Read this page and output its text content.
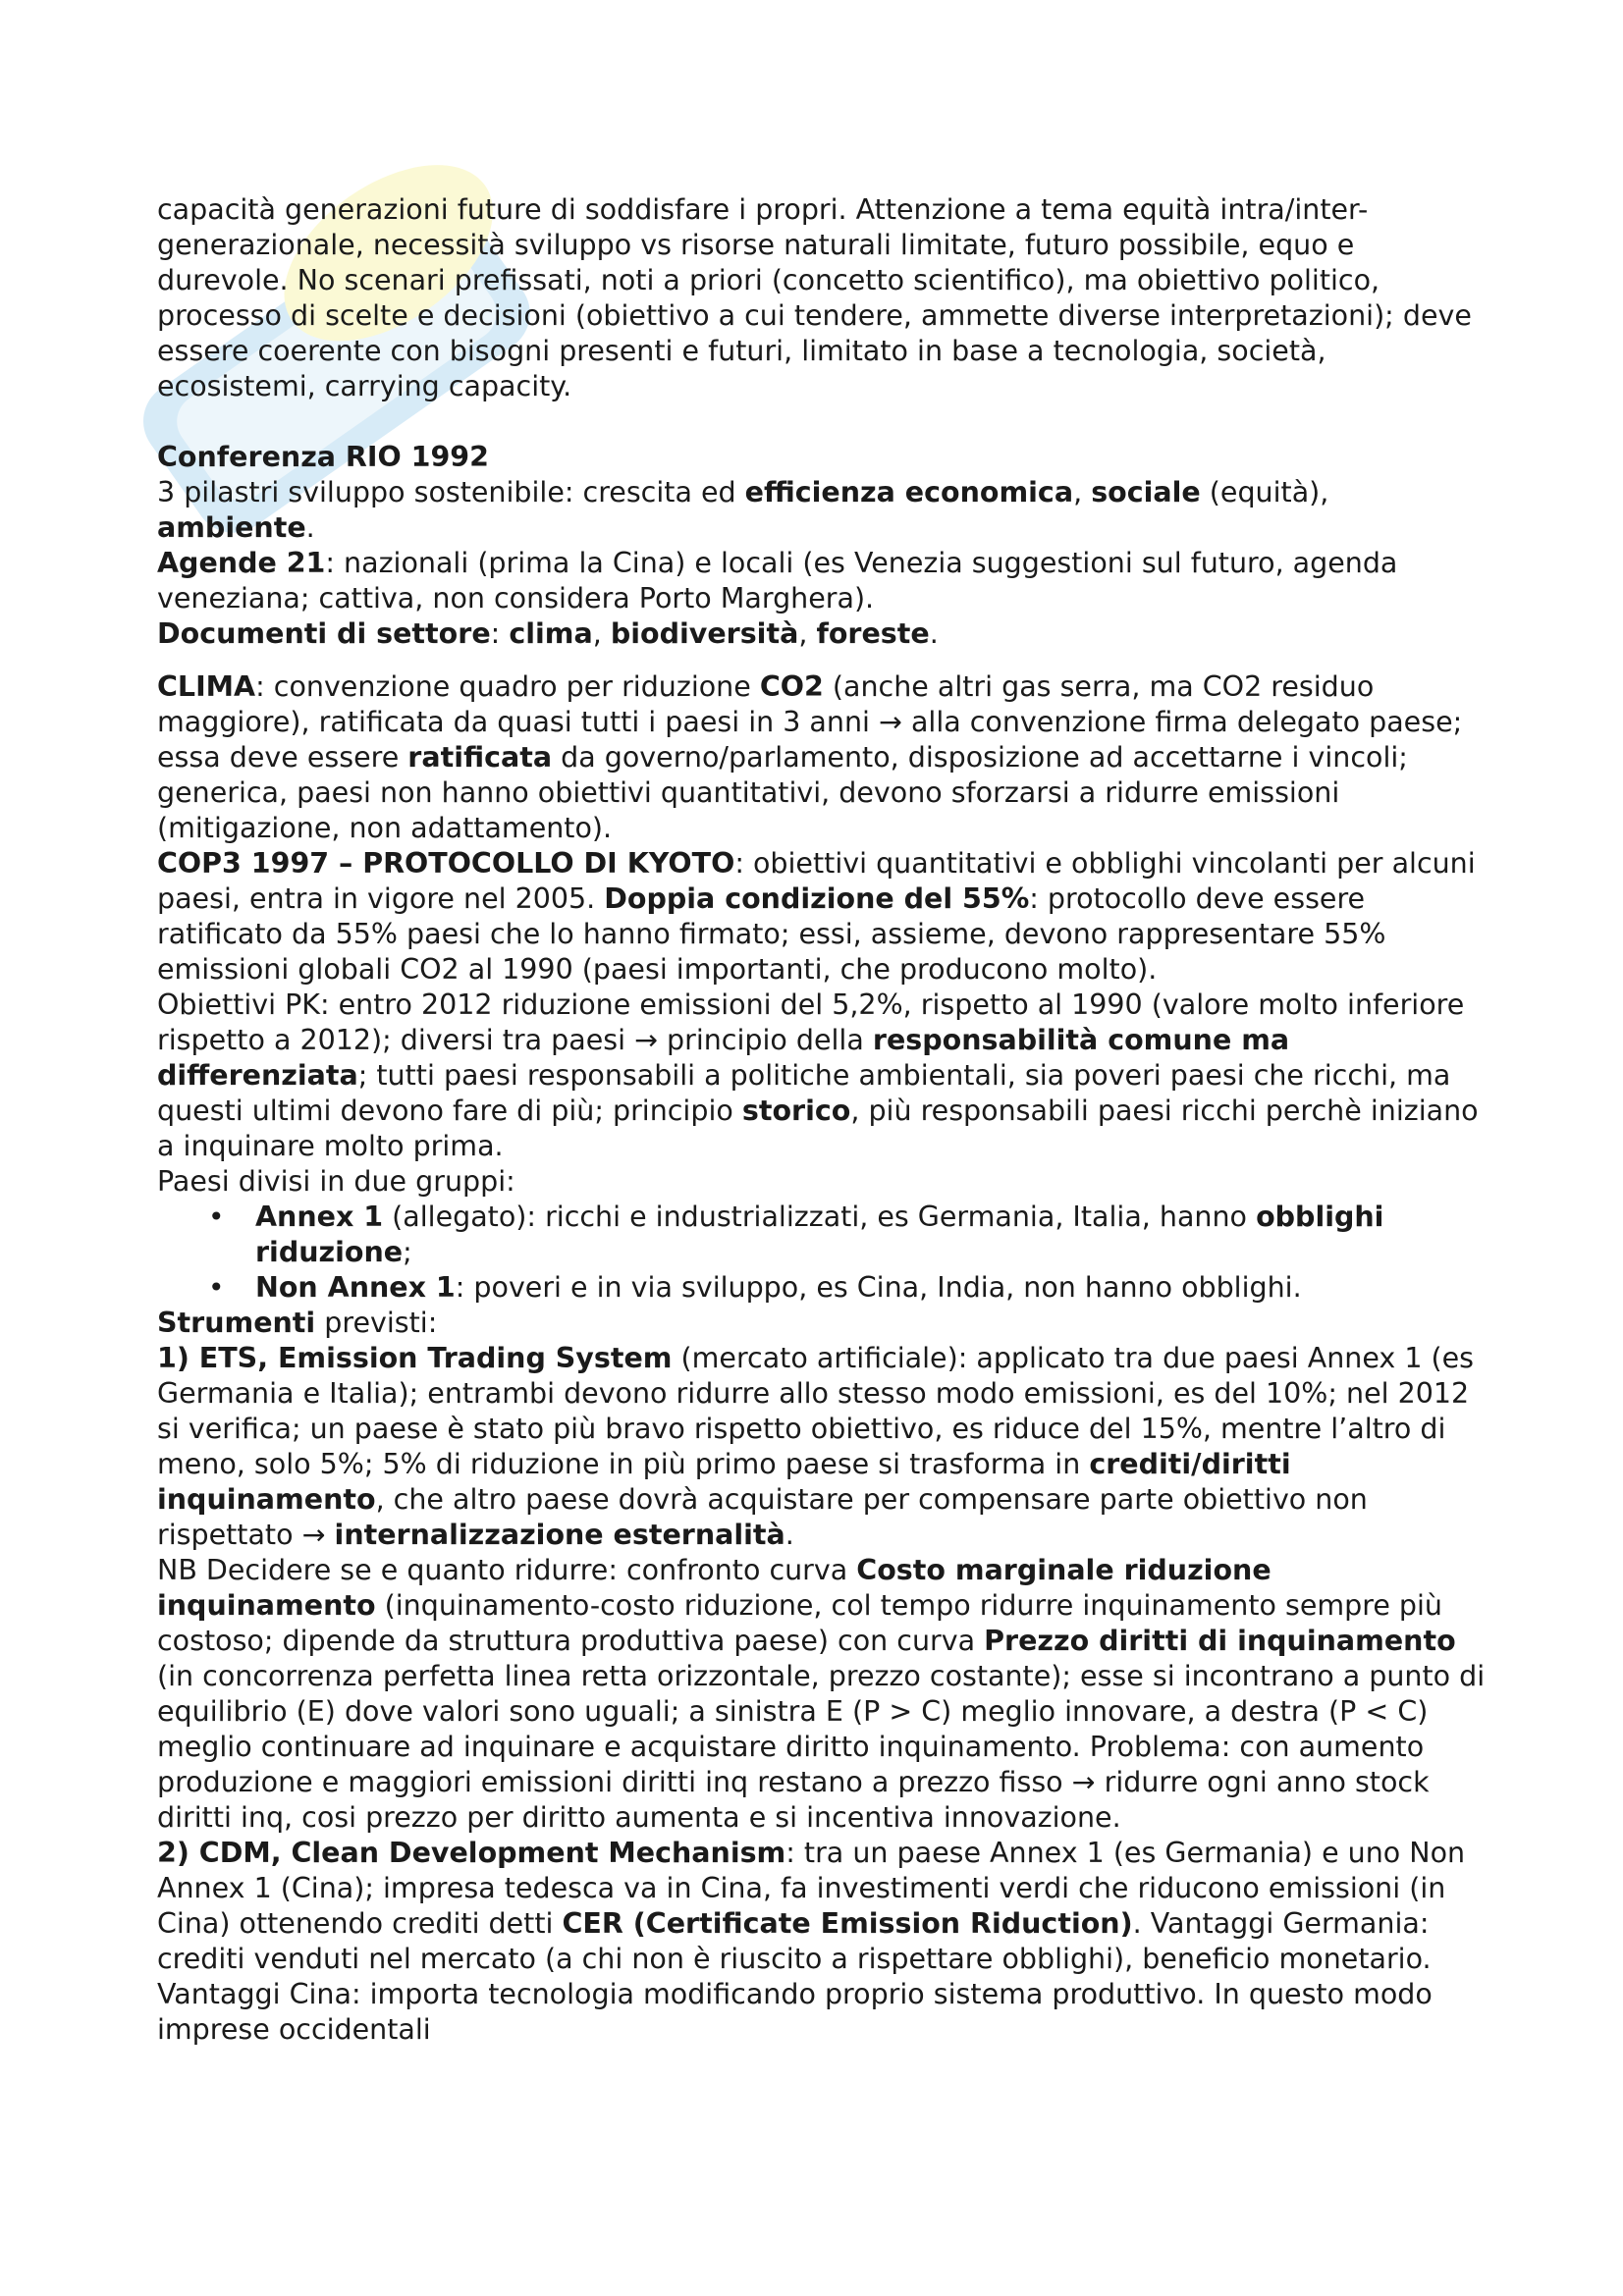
capacità generazioni future di soddisfare i propri. Attenzione a tema equità intra/inter-generazionale, necessità sviluppo vs risorse naturali limitate, futuro possibile, equo e durevole. No scenari prefissati, noti a priori (concetto scientifico), ma obiettivo politico, processo di scelte e decisioni (obiettivo a cui tendere, ammette diverse interpretazioni); deve essere coerente con bisogni presenti e futuri, limitato in base a tecnologia, società, ecosistemi, carrying capacity.

Conferenza RIO 1992

3 pilastri sviluppo sostenibile: crescita ed efficienza economica, sociale (equità), ambiente.

Agende 21: nazionali (prima la Cina) e locali (es Venezia suggestioni sul futuro, agenda veneziana; cattiva, non considera Porto Marghera).

Documenti di settore: clima, biodiversità, foreste.

CLIMA: convenzione quadro per riduzione CO2 (anche altri gas serra, ma CO2 residuo maggiore), ratificata da quasi tutti i paesi in 3 anni → alla convenzione firma delegato paese; essa deve essere ratificata da governo/parlamento, disposizione ad accettarne i vincoli; generica, paesi non hanno obiettivi quantitativi, devono sforzarsi a ridurre emissioni (mitigazione, non adattamento).

COP3 1997 – PROTOCOLLO DI KYOTO: obiettivi quantitativi e obblighi vincolanti per alcuni paesi, entra in vigore nel 2005. Doppia condizione del 55%: protocollo deve essere ratificato da 55% paesi che lo hanno firmato; essi, assieme, devono rappresentare 55% emissioni globali CO2 al 1990 (paesi importanti, che producono molto).

Obiettivi PK: entro 2012 riduzione emissioni del 5,2%, rispetto al 1990 (valore molto inferiore rispetto a 2012); diversi tra paesi → principio della responsabilità comune ma differenziata; tutti paesi responsabili a politiche ambientali, sia poveri paesi che ricchi, ma questi ultimi devono fare di più; principio storico, più responsabili paesi ricchi perchè iniziano a inquinare molto prima.

Paesi divisi in due gruppi:

• Annex 1 (allegato): ricchi e industrializzati, es Germania, Italia, hanno obblighi riduzione;
• Non Annex 1: poveri e in via sviluppo, es Cina, India, non hanno obblighi.

Strumenti previsti:

1) ETS, Emission Trading System (mercato artificiale): applicato tra due paesi Annex 1 (es Germania e Italia); entrambi devono ridurre allo stesso modo emissioni, es del 10%; nel 2012 si verifica; un paese è stato più bravo rispetto obiettivo, es riduce del 15%, mentre l’altro di meno, solo 5%; 5% di riduzione in più primo paese si trasforma in crediti/diritti inquinamento, che altro paese dovrà acquistare per compensare parte obiettivo non rispettato → internalizzazione esternalità.

NB Decidere se e quanto ridurre: confronto curva Costo marginale riduzione inquinamento (inquinamento-costo riduzione, col tempo ridurre inquinamento sempre più costoso; dipende da struttura produttiva paese) con curva Prezzo diritti di inquinamento (in concorrenza perfetta linea retta orizzontale, prezzo costante); esse si incontrano a punto di equilibrio (E) dove valori sono uguali; a sinistra E (P > C) meglio innovare, a destra (P < C) meglio continuare ad inquinare e acquistare diritto inquinamento. Problema: con aumento produzione e maggiori emissioni diritti inq restano a prezzo fisso → ridurre ogni anno stock diritti inq, cosi prezzo per diritto aumenta e si incentiva innovazione.

2) CDM, Clean Development Mechanism: tra un paese Annex 1 (es Germania) e uno Non Annex 1 (Cina); impresa tedesca va in Cina, fa investimenti verdi che riducono emissioni (in Cina) ottenendo crediti detti CER (Certificate Emission Riduction). Vantaggi Germania: crediti venduti nel mercato (a chi non è riuscito a rispettare obblighi), beneficio monetario. Vantaggi Cina: importa tecnologia modificando proprio sistema produttivo. In questo modo imprese occidentali
